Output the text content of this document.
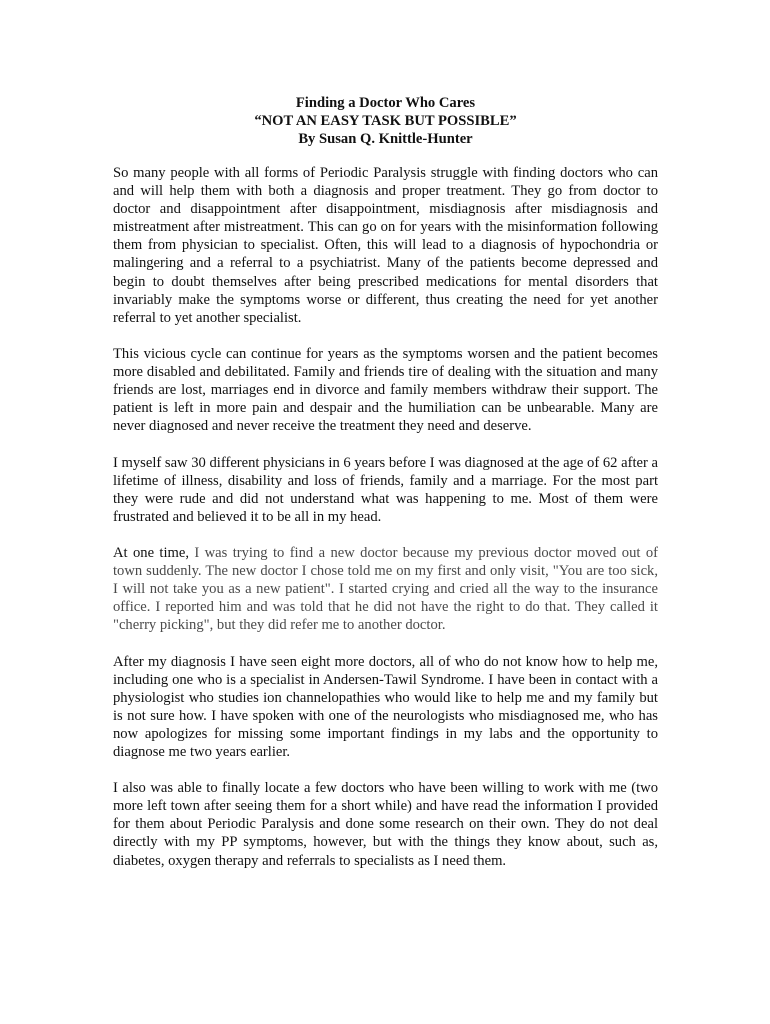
Finding a Doctor Who Cares
“NOT AN EASY TASK BUT POSSIBLE”
By Susan Q. Knittle-Hunter

So many people with all forms of Periodic Paralysis struggle with finding doctors who can and will help them with both a diagnosis and proper treatment. They go from doctor to doctor and disappointment after disappointment, misdiagnosis after misdiagnosis and mistreatment after mistreatment. This can go on for years with the misinformation following them from physician to specialist. Often, this will lead to a diagnosis of hypochondria or malingering and a referral to a psychiatrist. Many of the patients become depressed and begin to doubt themselves after being prescribed medications for mental disorders that invariably make the symptoms worse or different, thus creating the need for yet another referral to yet another specialist.

This vicious cycle can continue for years as the symptoms worsen and the patient becomes more disabled and debilitated. Family and friends tire of dealing with the situation and many friends are lost, marriages end in divorce and family members withdraw their support. The patient is left in more pain and despair and the humiliation can be unbearable. Many are never diagnosed and never receive the treatment they need and deserve.

I myself saw 30 different physicians in 6 years before I was diagnosed at the age of 62 after a lifetime of illness, disability and loss of friends, family and a marriage. For the most part they were rude and did not understand what was happening to me. Most of them were frustrated and believed it to be all in my head.

At one time, I was trying to find a new doctor because my previous doctor moved out of town suddenly. The new doctor I chose told me on my first and only visit, "You are too sick, I will not take you as a new patient". I started crying and cried all the way to the insurance office. I reported him and was told that he did not have the right to do that. They called it "cherry picking", but they did refer me to another doctor.

After my diagnosis I have seen eight more doctors, all of who do not know how to help me, including one who is a specialist in Andersen-Tawil Syndrome. I have been in contact with a physiologist who studies ion channelopathies who would like to help me and my family but is not sure how. I have spoken with one of the neurologists who misdiagnosed me, who has now apologizes for missing some important findings in my labs and the opportunity to diagnose me two years earlier.

I also was able to finally locate a few doctors who have been willing to work with me (two more left town after seeing them for a short while) and have read the information I provided for them about Periodic Paralysis and done some research on their own. They do not deal directly with my PP symptoms, however, but with the things they know about, such as, diabetes, oxygen therapy and referrals to specialists as I need them.
